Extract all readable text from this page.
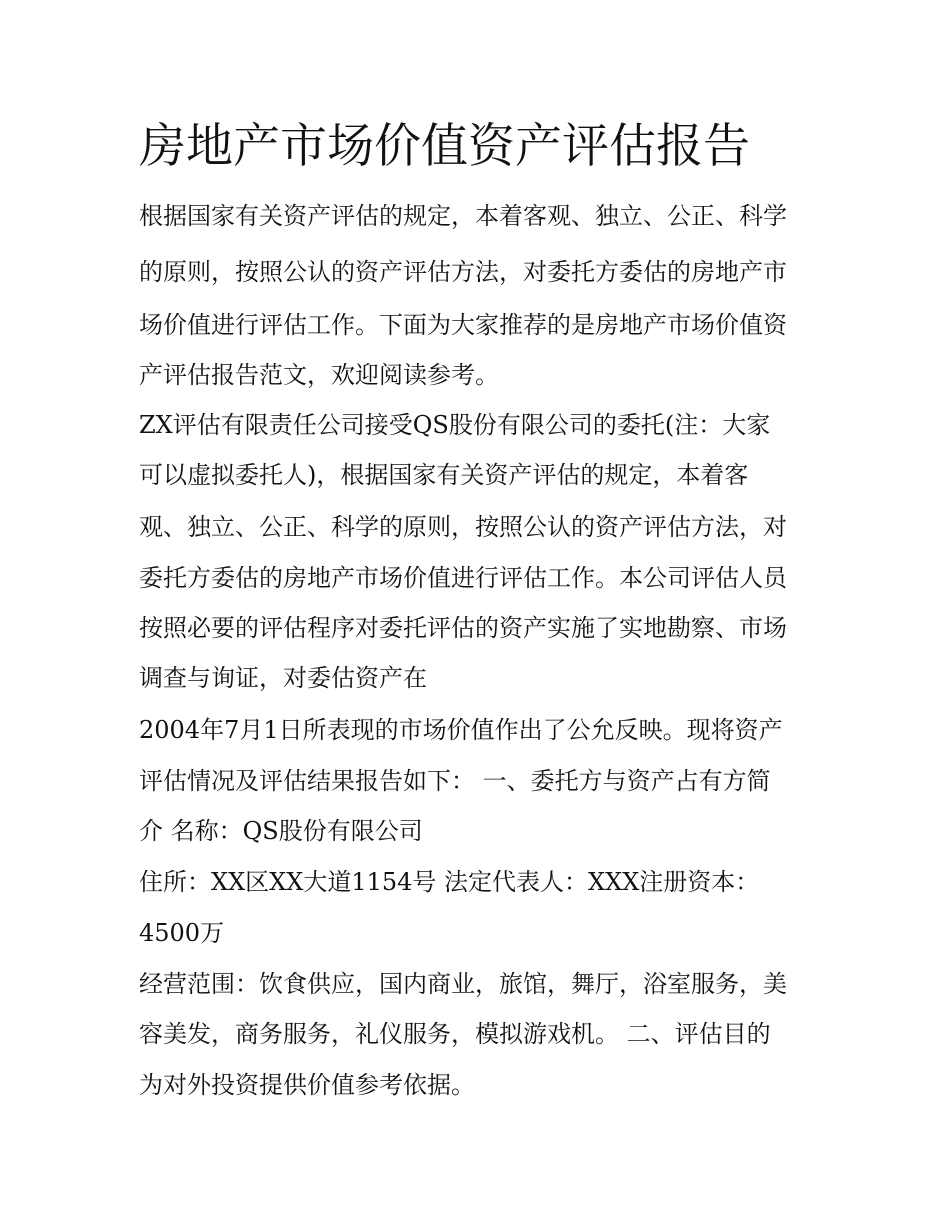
房地产市场价值资产评估报告

根据国家有关资产评估的规定，本着客观、独立、公正、科学

的原则，按照公认的资产评估方法，对委托方委估的房地产市

场价值进行评估工作。下面为大家推荐的是房地产市场价值资

产评估报告范文，欢迎阅读参考。

ZX评估有限责任公司接受QS股份有限公司的委托(注：大家

可以虚拟委托人)，根据国家有关资产评估的规定，本着客

观、独立、公正、科学的原则，按照公认的资产评估方法，对

委托方委估的房地产市场价值进行评估工作。本公司评估人员

按照必要的评估程序对委托评估的资产实施了实地勘察、市场

调查与询证，对委估资产在

2004年7月1日所表现的市场价值作出了公允反映。现将资产

评估情况及评估结果报告如下： 一、委托方与资产占有方简

介 名称：QS股份有限公司

住所：XX区XX大道1154号 法定代表人：XXX注册资本：

4500万

经营范围：饮食供应，国内商业，旅馆，舞厅，浴室服务，美

容美发，商务服务，礼仪服务，模拟游戏机。 二、评估目的

为对外投资提供价值参考依据。
